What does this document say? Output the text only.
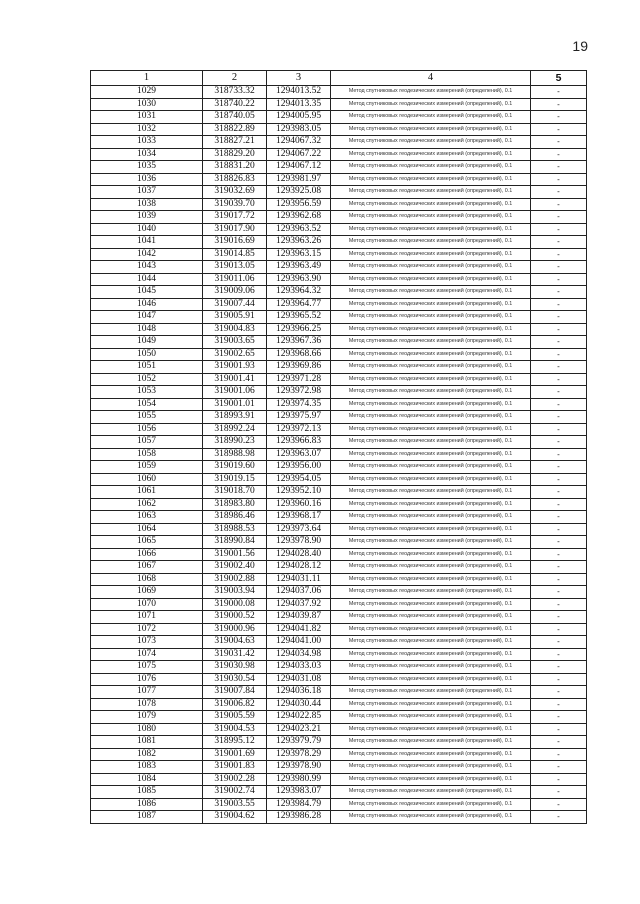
19
1	2	3	4	5
1029	318733.32	1294013.52	Метод спутниковых геодезических измерений (определений), 0.1	-
1030	318740.22	1294013.35	Метод спутниковых геодезических измерений (определений), 0.1	-
1031	318740.05	1294005.95	Метод спутниковых геодезических измерений (определений), 0.1	-
1032	318822.89	1293983.05	Метод спутниковых геодезических измерений (определений), 0.1	-
1033	318827.21	1294067.32	Метод спутниковых геодезических измерений (определений), 0.1	-
1034	318829.20	1294067.22	Метод спутниковых геодезических измерений (определений), 0.1	-
1035	318831.20	1294067.12	Метод спутниковых геодезических измерений (определений), 0.1	-
1036	318826.83	1293981.97	Метод спутниковых геодезических измерений (определений), 0.1	-
1037	319032.69	1293925.08	Метод спутниковых геодезических измерений (определений), 0.1	-
1038	319039.70	1293956.59	Метод спутниковых геодезических измерений (определений), 0.1	-
1039	319017.72	1293962.68	Метод спутниковых геодезических измерений (определений), 0.1	-
1040	319017.90	1293963.52	Метод спутниковых геодезических измерений (определений), 0.1	-
1041	319016.69	1293963.26	Метод спутниковых геодезических измерений (определений), 0.1	-
1042	319014.85	1293963.15	Метод спутниковых геодезических измерений (определений), 0.1	-
1043	319013.05	1293963.49	Метод спутниковых геодезических измерений (определений), 0.1	-
1044	319011.06	1293963.90	Метод спутниковых геодезических измерений (определений), 0.1	-
1045	319009.06	1293964.32	Метод спутниковых геодезических измерений (определений), 0.1	-
1046	319007.44	1293964.77	Метод спутниковых геодезических измерений (определений), 0.1	-
1047	319005.91	1293965.52	Метод спутниковых геодезических измерений (определений), 0.1	-
1048	319004.83	1293966.25	Метод спутниковых геодезических измерений (определений), 0.1	-
1049	319003.65	1293967.36	Метод спутниковых геодезических измерений (определений), 0.1	-
1050	319002.65	1293968.66	Метод спутниковых геодезических измерений (определений), 0.1	-
1051	319001.93	1293969.86	Метод спутниковых геодезических измерений (определений), 0.1	-
1052	319001.41	1293971.28	Метод спутниковых геодезических измерений (определений), 0.1	-
1053	319001.06	1293972.98	Метод спутниковых геодезических измерений (определений), 0.1	-
1054	319001.01	1293974.35	Метод спутниковых геодезических измерений (определений), 0.1	-
1055	318993.91	1293975.97	Метод спутниковых геодезических измерений (определений), 0.1	-
1056	318992.24	1293972.13	Метод спутниковых геодезических измерений (определений), 0.1	-
1057	318990.23	1293966.83	Метод спутниковых геодезических измерений (определений), 0.1	-
1058	318988.98	1293963.07	Метод спутниковых геодезических измерений (определений), 0.1	-
1059	319019.60	1293956.00	Метод спутниковых геодезических измерений (определений), 0.1	-
1060	319019.15	1293954.05	Метод спутниковых геодезических измерений (определений), 0.1	-
1061	319018.70	1293952.10	Метод спутниковых геодезических измерений (определений), 0.1	-
1062	318983.80	1293960.16	Метод спутниковых геодезических измерений (определений), 0.1	-
1063	318986.46	1293968.17	Метод спутниковых геодезических измерений (определений), 0.1	-
1064	318988.53	1293973.64	Метод спутниковых геодезических измерений (определений), 0.1	-
1065	318990.84	1293978.90	Метод спутниковых геодезических измерений (определений), 0.1	-
1066	319001.56	1294028.40	Метод спутниковых геодезических измерений (определений), 0.1	-
1067	319002.40	1294028.12	Метод спутниковых геодезических измерений (определений), 0.1	-
1068	319002.88	1294031.11	Метод спутниковых геодезических измерений (определений), 0.1	-
1069	319003.94	1294037.06	Метод спутниковых геодезических измерений (определений), 0.1	-
1070	319000.08	1294037.92	Метод спутниковых геодезических измерений (определений), 0.1	-
1071	319000.52	1294039.87	Метод спутниковых геодезических измерений (определений), 0.1	-
1072	319000.96	1294041.82	Метод спутниковых геодезических измерений (определений), 0.1	-
1073	319004.63	1294041.00	Метод спутниковых геодезических измерений (определений), 0.1	-
1074	319031.42	1294034.98	Метод спутниковых геодезических измерений (определений), 0.1	-
1075	319030.98	1294033.03	Метод спутниковых геодезических измерений (определений), 0.1	-
1076	319030.54	1294031.08	Метод спутниковых геодезических измерений (определений), 0.1	-
1077	319007.84	1294036.18	Метод спутниковых геодезических измерений (определений), 0.1	-
1078	319006.82	1294030.44	Метод спутниковых геодезических измерений (определений), 0.1	-
1079	319005.59	1294022.85	Метод спутниковых геодезических измерений (определений), 0.1	-
1080	319004.53	1294023.21	Метод спутниковых геодезических измерений (определений), 0.1	-
1081	318995.12	1293979.79	Метод спутниковых геодезических измерений (определений), 0.1	-
1082	319001.69	1293978.29	Метод спутниковых геодезических измерений (определений), 0.1	-
1083	319001.83	1293978.90	Метод спутниковых геодезических измерений (определений), 0.1	-
1084	319002.28	1293980.99	Метод спутниковых геодезических измерений (определений), 0.1	-
1085	319002.74	1293983.07	Метод спутниковых геодезических измерений (определений), 0.1	-
1086	319003.55	1293984.79	Метод спутниковых геодезических измерений (определений), 0.1	-
1087	319004.62	1293986.28	Метод спутниковых геодезических измерений (определений), 0.1	-
